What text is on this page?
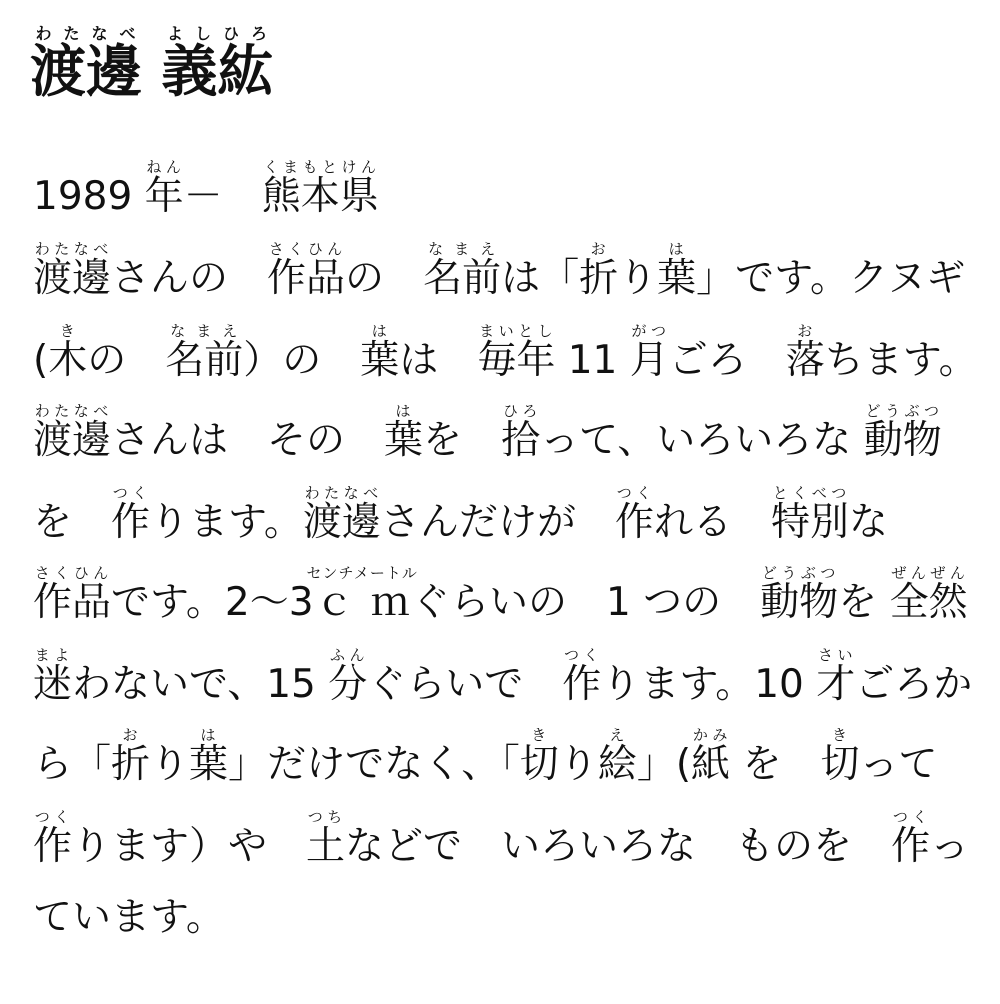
渡わた邊なべ 義よし紘ひろ
1989 年ねん－　熊本県くまもとけん
渡邊わたなべさんの　作品さくひんの　名前なまえは「折おり葉は」です。クヌギ
(木きの　名前なまえ）の　葉はは　毎年まいとし 11 月がつごろ　落おちます。
渡邊わたなべさんは　その　葉はを　拾ひろって、いろいろな 動物どうぶつ
を　作つくります。渡邊わたなべさんだけが　作つくれる　特別とくべつな
作品さくひんです。2～3ｃｍセンチメートルぐらいの　1 つの　動物どうぶつを 全然ぜんぜん
迷まよわないで、15 分ふんぐらいで　作つくります。10 才さいごろか
ら「折おり葉は」だけでなく、「切きり絵え」(紙かみ を　切きって
作つくります）や　土つちなどで　いろいろな　ものを　作つくっ
ています。
